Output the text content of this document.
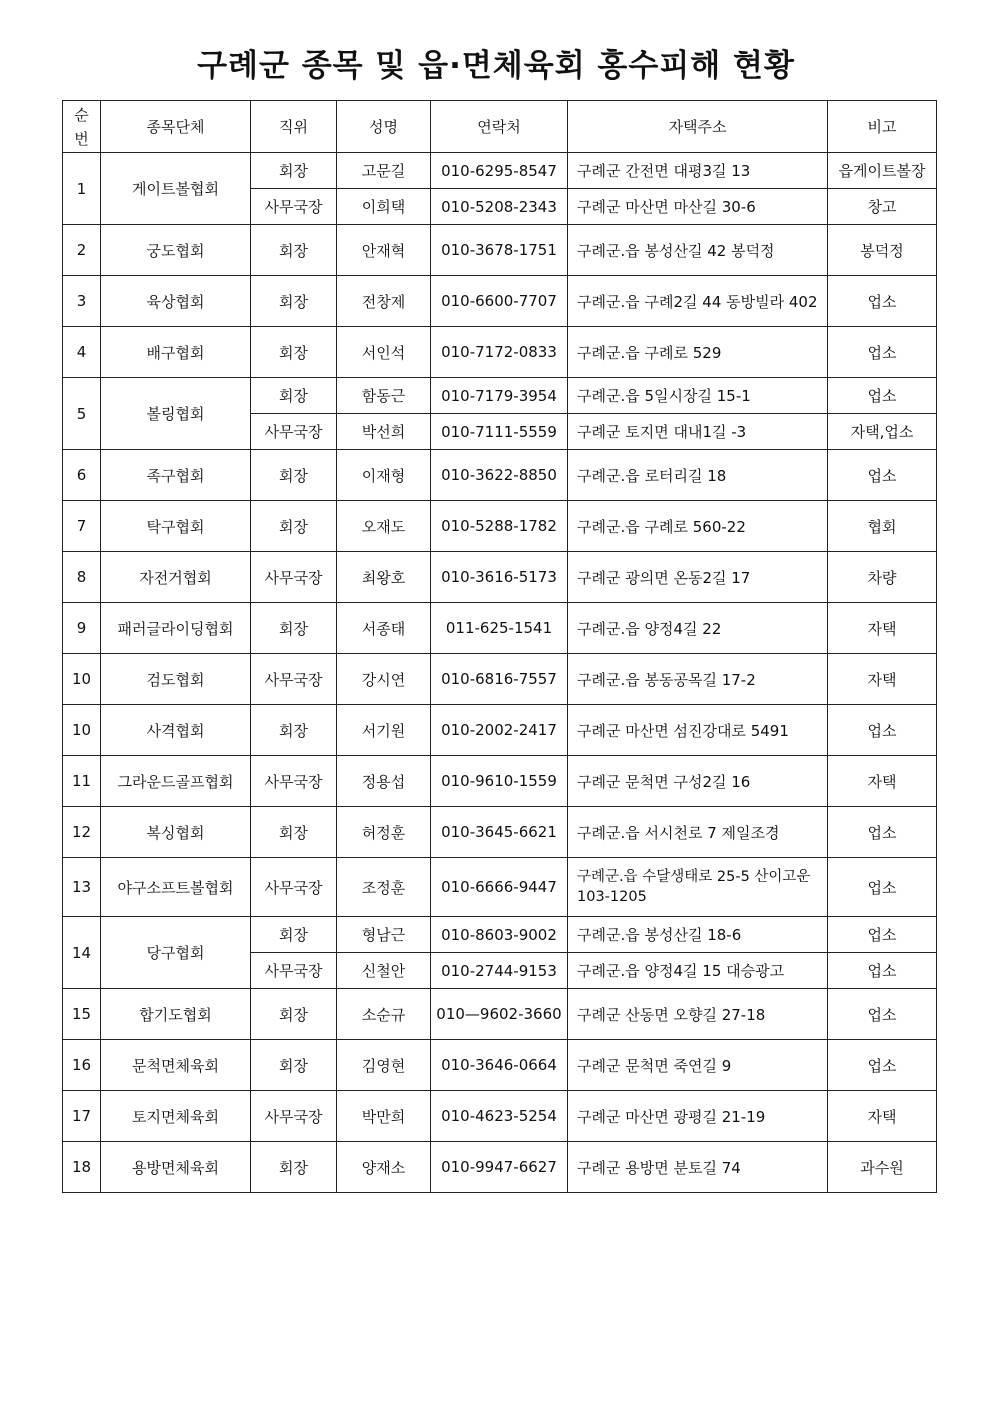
구례군 종목 및 읍·면체육회 홍수피해 현황
순
번	종목단체	직위	성명	연락처	자택주소	비고
1	게이트볼협회	회장	고문길	010-6295-8547	구례군 간전면 대평3길 13	읍게이트볼장
		사무국장	이희택	010-5208-2343	구례군 마산면 마산길 30-6	창고
2	궁도협회	회장	안재혁	010-3678-1751	구례군.읍 봉성산길 42 봉덕정	봉덕정
3	육상협회	회장	전창제	010-6600-7707	구례군.읍 구례2길 44 동방빌라 402	업소
4	배구협회	회장	서인석	010-7172-0833	구례군.읍 구례로 529	업소
5	볼링협회	회장	함동근	010-7179-3954	구례군.읍 5일시장길 15-1	업소
		사무국장	박선희	010-7111-5559	구례군 토지면 대내1길 -3	자택,업소
6	족구협회	회장	이재형	010-3622-8850	구례군.읍 로터리길 18	업소
7	탁구협회	회장	오재도	010-5288-1782	구례군.읍 구례로 560-22	협회
8	자전거협회	사무국장	최왕호	010-3616-5173	구례군 광의면 온동2길 17	차량
9	패러글라이딩협회	회장	서종태	011-625-1541	구례군.읍 양정4길 22	자택
10	검도협회	사무국장	강시연	010-6816-7557	구례군.읍 봉동공목길 17-2	자택
10	사격협회	회장	서기원	010-2002-2417	구례군 마산면 섬진강대로 5491	업소
11	그라운드골프협회	사무국장	정용섭	010-9610-1559	구례군 문척면 구성2길 16	자택
12	복싱협회	회장	허정훈	010-3645-6621	구례군.읍 서시천로 7 제일조경	업소
13	야구소프트볼협회	사무국장	조정훈	010-6666-9447	구례군.읍 수달생태로 25-5 산이고운 103-1205	업소
14	당구협회	회장	형남근	010-8603-9002	구례군.읍 봉성산길 18-6	업소
		사무국장	신철안	010-2744-9153	구례군.읍 양정4길 15 대승광고	업소
15	합기도협회	회장	소순규	010—9602-3660	구례군 산동면 오향길 27-18	업소
16	문척면체육회	회장	김영현	010-3646-0664	구례군 문척면 죽연길 9	업소
17	토지면체육회	사무국장	박만희	010-4623-5254	구례군 마산면 광평길 21-19	자택
18	용방면체육회	회장	양재소	010-9947-6627	구례군 용방면 분토길 74	과수원
